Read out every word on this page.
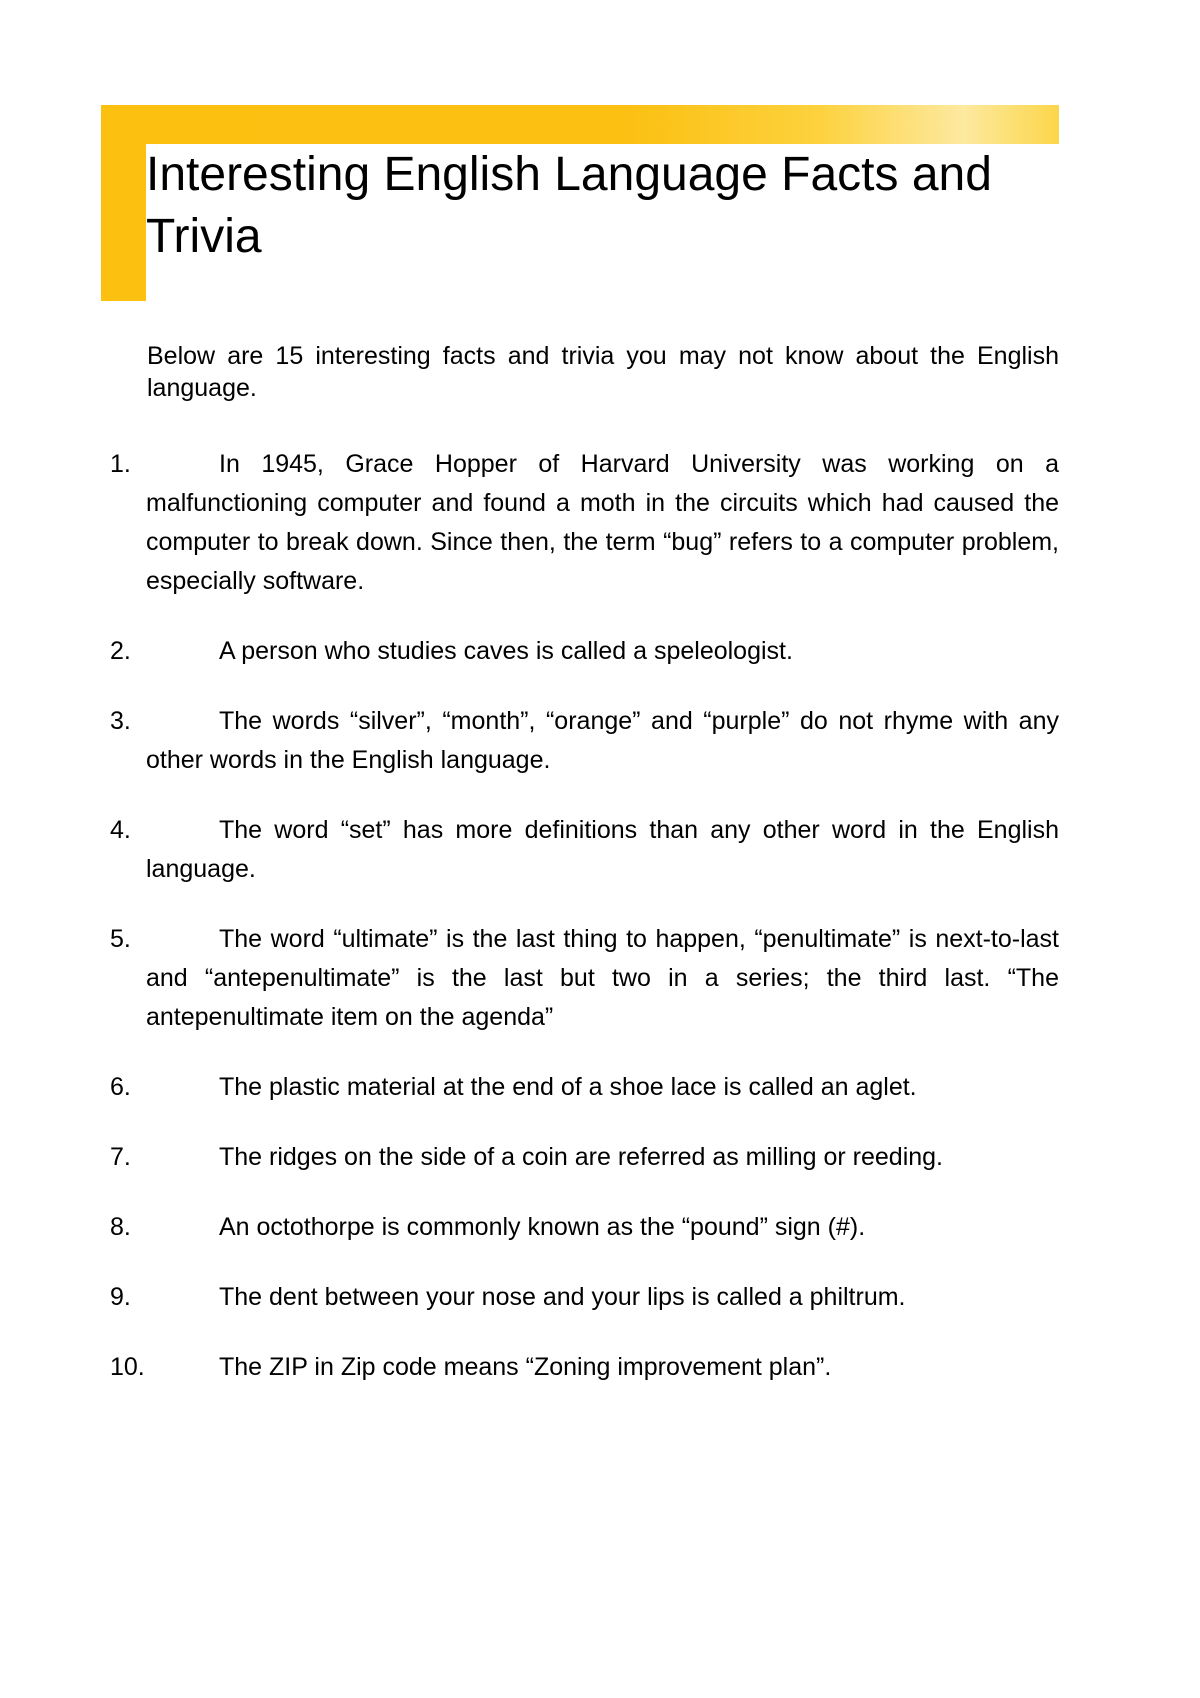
Interesting English Language Facts and Trivia

Below are 15 interesting facts and trivia you may not know about the English language.

1.	In 1945, Grace Hopper of Harvard University was working on a malfunctioning computer and found a moth in the circuits which had caused the computer to break down. Since then, the term “bug” refers to a computer problem, especially software.

2.	A person who studies caves is called a speleologist.

3.	The words “silver”, “month”, “orange” and “purple” do not rhyme with any other words in the English language.

4.	The word “set” has more definitions than any other word in the English language.

5.	The word “ultimate” is the last thing to happen, “penultimate” is next-to-last and “antepenultimate” is the last but two in a series; the third last. “The antepenultimate item on the agenda”

6.	The plastic material at the end of a shoe lace is called an aglet.

7.	The ridges on the side of a coin are referred as milling or reeding.

8.	An octothorpe is commonly known as the “pound” sign (#).

9.	The dent between your nose and your lips is called a philtrum.

10.	The ZIP in Zip code means “Zoning improvement plan”.
